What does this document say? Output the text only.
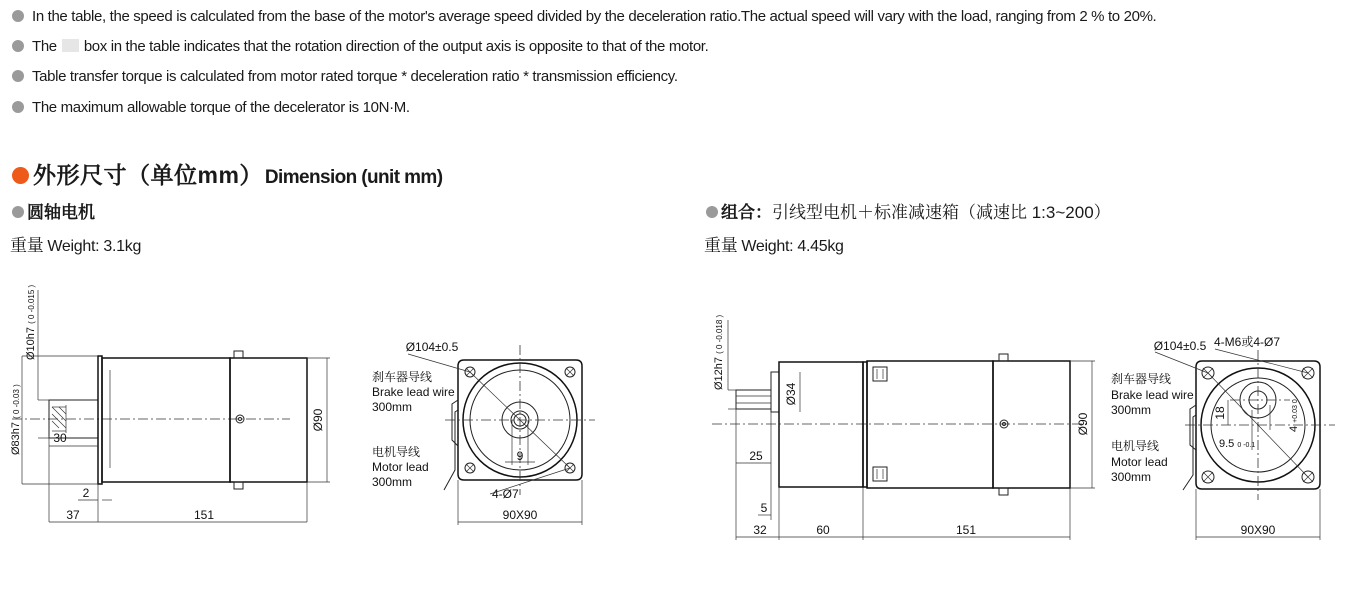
In the table, the speed is calculated from the base of the motor's average speed divided by the deceleration ratio.The actual speed will vary with the load, ranging from 2 % to 20%.
The box in the table indicates that the rotation direction of the output axis is opposite to that of the motor.
Table transfer torque is calculated from motor rated torque * deceleration ratio * transmission efficiency.
The maximum allowable torque of the decelerator is 10N·M.
外形尺寸（单位mm） Dimension (unit mm)
圆轴电机
重量 Weight: 3.1kg
组合：引线型电机＋标准减速箱（减速比 1:3~200）
重量 Weight: 4.45kg
30
2
37	151
Ø90
Ø83h7 ( 0 -0.03 )
Ø10h7 ( 0 -0.015 )
Ø104±0.5
刹车器导线
Brake lead wire
300mm
电机导线
Motor lead
300mm
9
4-Ø7
90X90
Ø34
25
5
32	60	151
Ø90
Ø12h7 ( 0 -0.018 )	Ø104±0.5 4-M6或4-Ø7
刹车器导线
Brake lead wire
300mm
电机导线
Motor lead
300mm
18
9.5 0 -0.1
4 +0.03 0
90X90
